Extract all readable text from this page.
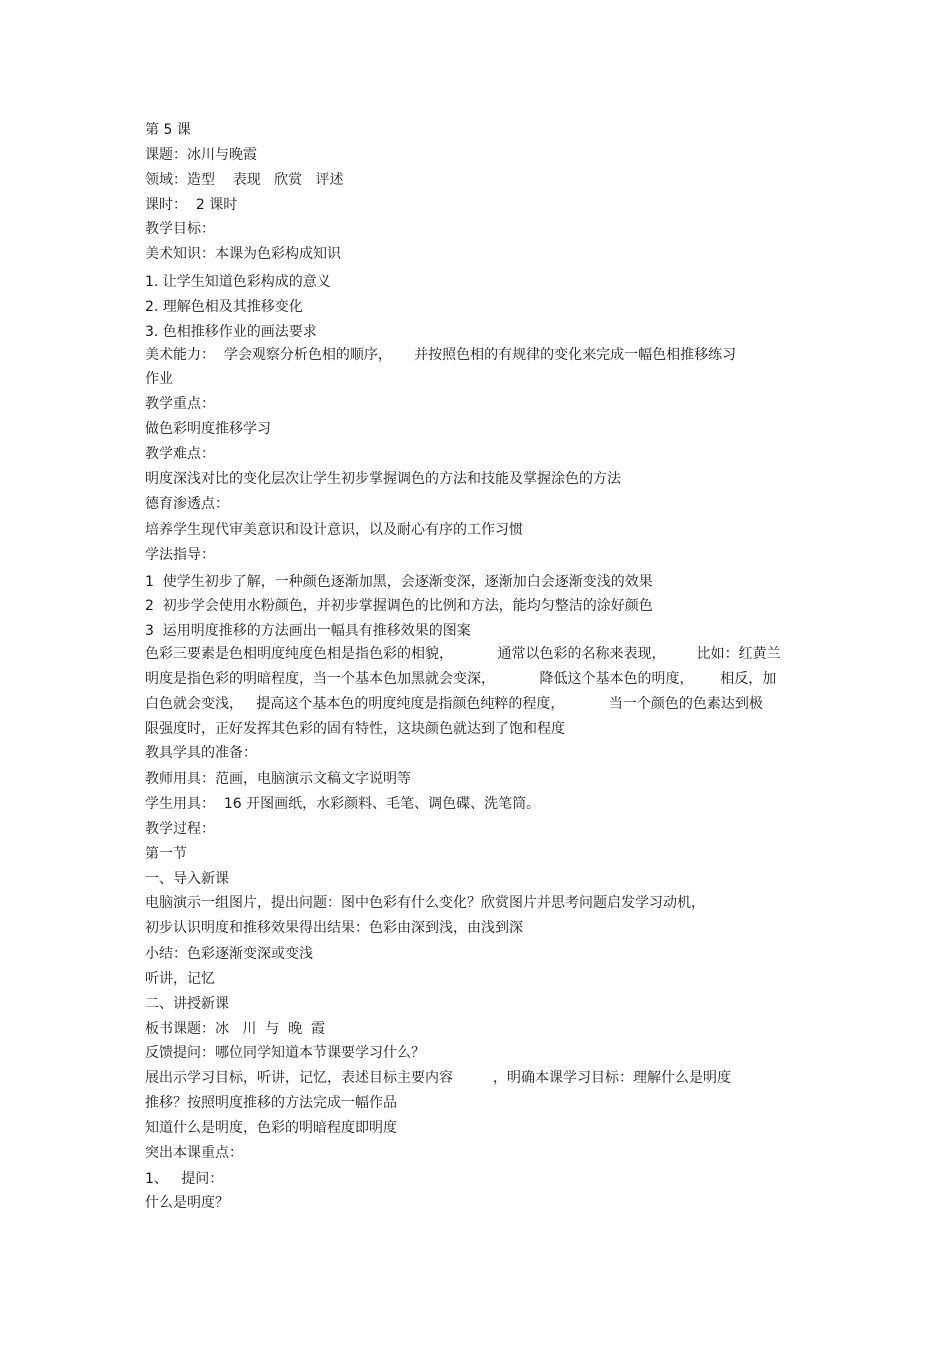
第 5 课

课题：冰川与晚霞

领域：造型    表现   欣赏   评述

课时：  2 课时

教学目标：

美术知识：本课为色彩构成知识

1. 让学生知道色彩构成的意义

2. 理解色相及其推移变化

3. 色相推移作业的画法要求

美术能力：  学会观察分析色相的顺序，     并按照色相的有规律的变化来完成一幅色相推移练习

作业

教学重点：

做色彩明度推移学习

教学难点：

明度深浅对比的变化层次让学生初步掌握调色的方法和技能及掌握涂色的方法

德育渗透点：

培养学生现代审美意识和设计意识，以及耐心有序的工作习惯

学法指导：

1  使学生初步了解，一种颜色逐渐加黑，会逐渐变深，逐渐加白会逐渐变浅的效果

2  初步学会使用水粉颜色，并初步掌握调色的比例和方法，能均匀整洁的涂好颜色

3  运用明度推移的方法画出一幅具有推移效果的图案

色彩三要素是色相明度纯度色相是指色彩的相貌，          通常以色彩的名称来表现，       比如：红黄兰

明度是指色彩的明暗程度，当一个基本色加黑就会变深，          降低这个基本色的明度，      相反，加

白色就会变浅，   提高这个基本色的明度纯度是指颜色纯粹的程度，          当一个颜色的色素达到极

限强度时，正好发挥其色彩的固有特性，这块颜色就达到了饱和程度

教具学具的准备：

教师用具：范画，电脑演示文稿文字说明等

学生用具：  16 开图画纸，水彩颜料、毛笔、调色碟、洗笔筒。

教学过程：

第一节

一、导入新课

电脑演示一组图片，提出问题：图中色彩有什么变化？欣赏图片并思考问题启发学习动机，

初步认识明度和推移效果得出结果：色彩由深到浅，由浅到深

小结：色彩逐渐变深或变浅

听讲，记忆

二、讲授新课

板书课题：冰   川  与  晚  霞

反馈提问：哪位同学知道本节课要学习什么？

展出示学习目标，听讲，记忆，表述目标主要内容         ，明确本课学习目标：理解什么是明度

推移？按照明度推移的方法完成一幅作品

知道什么是明度，色彩的明暗程度即明度

突出本课重点：

1、   提问：

什么是明度？
